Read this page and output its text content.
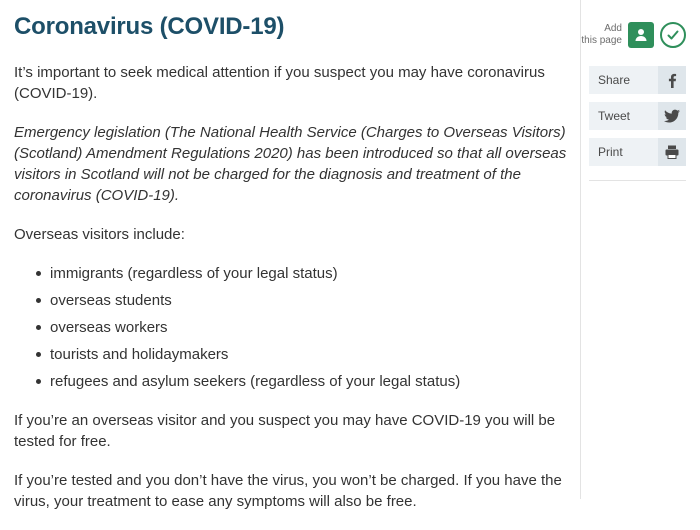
Coronavirus (COVID-19)

It’s important to seek medical attention if you suspect you may have coronavirus (COVID-19).

Emergency legislation (The National Health Service (Charges to Overseas Visitors) (Scotland) Amendment Regulations 2020) has been introduced so that all overseas visitors in Scotland will not be charged for the diagnosis and treatment of the coronavirus (COVID-19).

Overseas visitors include:

immigrants (regardless of your legal status)
overseas students
overseas workers
tourists and holidaymakers
refugees and asylum seekers (regardless of your legal status)

If you’re an overseas visitor and you suspect you may have COVID-19 you will be tested for free.

If you’re tested and you don’t have the virus, you won’t be charged. If you have the virus, your treatment to ease any symptoms will also be free.

Add
this page
Share
Tweet
Print
